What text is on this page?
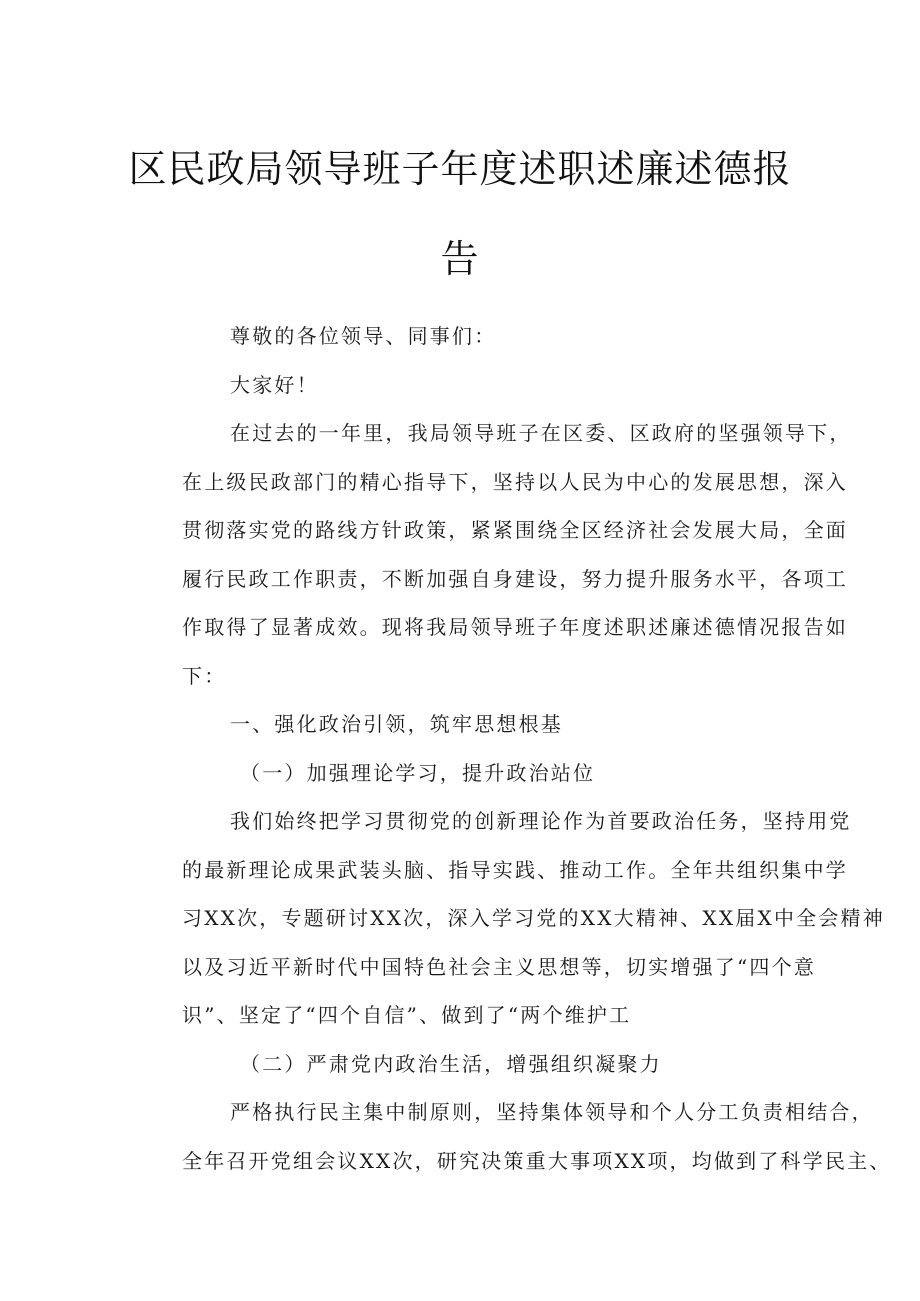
区民政局领导班子年度述职述廉述德报
告
尊敬的各位领导、同事们：
大家好！
在过去的一年里，我局领导班子在区委、区政府的坚强领导下，
在上级民政部门的精心指导下，坚持以人民为中心的发展思想，深入
贯彻落实党的路线方针政策，紧紧围绕全区经济社会发展大局，全面
履行民政工作职责，不断加强自身建设，努力提升服务水平，各项工
作取得了显著成效。现将我局领导班子年度述职述廉述德情况报告如
下：
一、强化政治引领，筑牢思想根基
（一）加强理论学习，提升政治站位
我们始终把学习贯彻党的创新理论作为首要政治任务，坚持用党
的最新理论成果武装头脑、指导实践、推动工作。全年共组织集中学
习XX次，专题研讨XX次，深入学习党的XX大精神、XX届X中全会精神
以及习近平新时代中国特色社会主义思想等，切实增强了“四个意
识”、坚定了“四个自信”、做到了“两个维护工
（二）严肃党内政治生活，增强组织凝聚力
严格执行民主集中制原则，坚持集体领导和个人分工负责相结合，
全年召开党组会议XX次，研究决策重大事项XX项，均做到了科学民主、
